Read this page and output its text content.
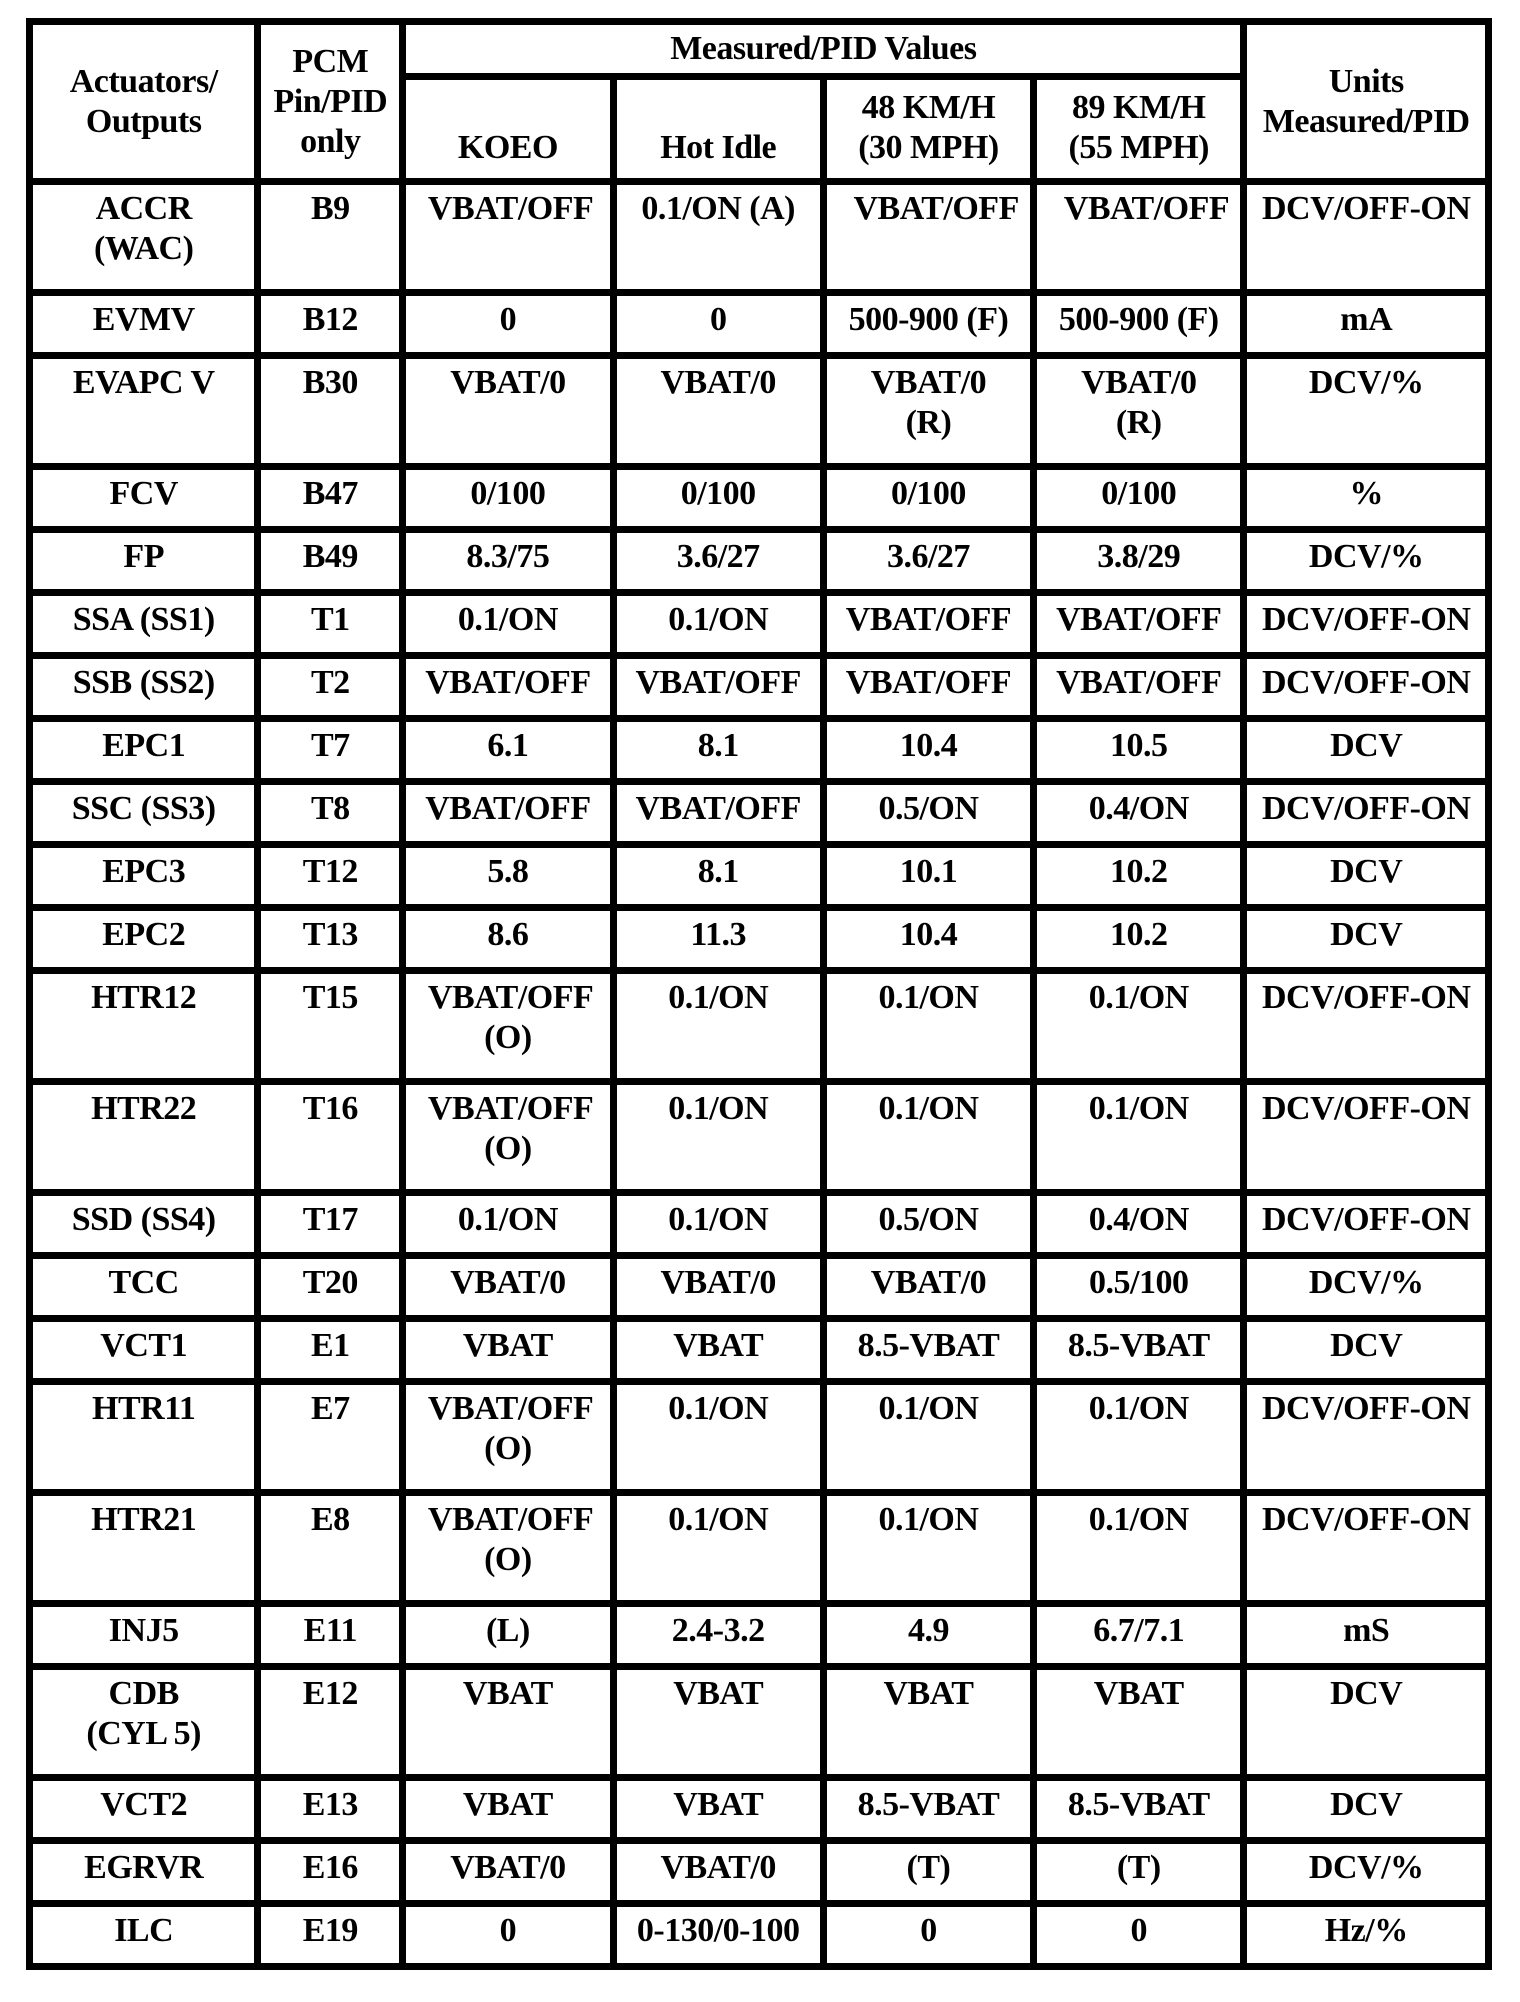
Actuators/ Outputs	PCM Pin/PID only	Measured/PID Values				Units Measured/PID
		KOEO	Hot Idle	48 KM/H (30 MPH)	89 KM/H (55 MPH)	
ACCR (WAC)	B9	VBAT/OFF	0.1/ON (A)	VBAT/OFF	VBAT/OFF	DCV/OFF-ON
EVMV	B12	0	0	500-900 (F)	500-900 (F)	mA
EVAPC V	B30	VBAT/0	VBAT/0	VBAT/0 (R)	VBAT/0 (R)	DCV/%
FCV	B47	0/100	0/100	0/100	0/100	%
FP	B49	8.3/75	3.6/27	3.6/27	3.8/29	DCV/%
SSA (SS1)	T1	0.1/ON	0.1/ON	VBAT/OFF	VBAT/OFF	DCV/OFF-ON
SSB (SS2)	T2	VBAT/OFF	VBAT/OFF	VBAT/OFF	VBAT/OFF	DCV/OFF-ON
EPC1	T7	6.1	8.1	10.4	10.5	DCV
SSC (SS3)	T8	VBAT/OFF	VBAT/OFF	0.5/ON	0.4/ON	DCV/OFF-ON
EPC3	T12	5.8	8.1	10.1	10.2	DCV
EPC2	T13	8.6	11.3	10.4	10.2	DCV
HTR12	T15	VBAT/OFF (O)	0.1/ON	0.1/ON	0.1/ON	DCV/OFF-ON
HTR22	T16	VBAT/OFF (O)	0.1/ON	0.1/ON	0.1/ON	DCV/OFF-ON
SSD (SS4)	T17	0.1/ON	0.1/ON	0.5/ON	0.4/ON	DCV/OFF-ON
TCC	T20	VBAT/0	VBAT/0	VBAT/0	0.5/100	DCV/%
VCT1	E1	VBAT	VBAT	8.5-VBAT	8.5-VBAT	DCV
HTR11	E7	VBAT/OFF (O)	0.1/ON	0.1/ON	0.1/ON	DCV/OFF-ON
HTR21	E8	VBAT/OFF (O)	0.1/ON	0.1/ON	0.1/ON	DCV/OFF-ON
INJ5	E11	(L)	2.4-3.2	4.9	6.7/7.1	mS
CDB (CYL 5)	E12	VBAT	VBAT	VBAT	VBAT	DCV
VCT2	E13	VBAT	VBAT	8.5-VBAT	8.5-VBAT	DCV
EGRVR	E16	VBAT/0	VBAT/0	(T)	(T)	DCV/%
ILC	E19	0	0-130/0-100	0	0	Hz/%
